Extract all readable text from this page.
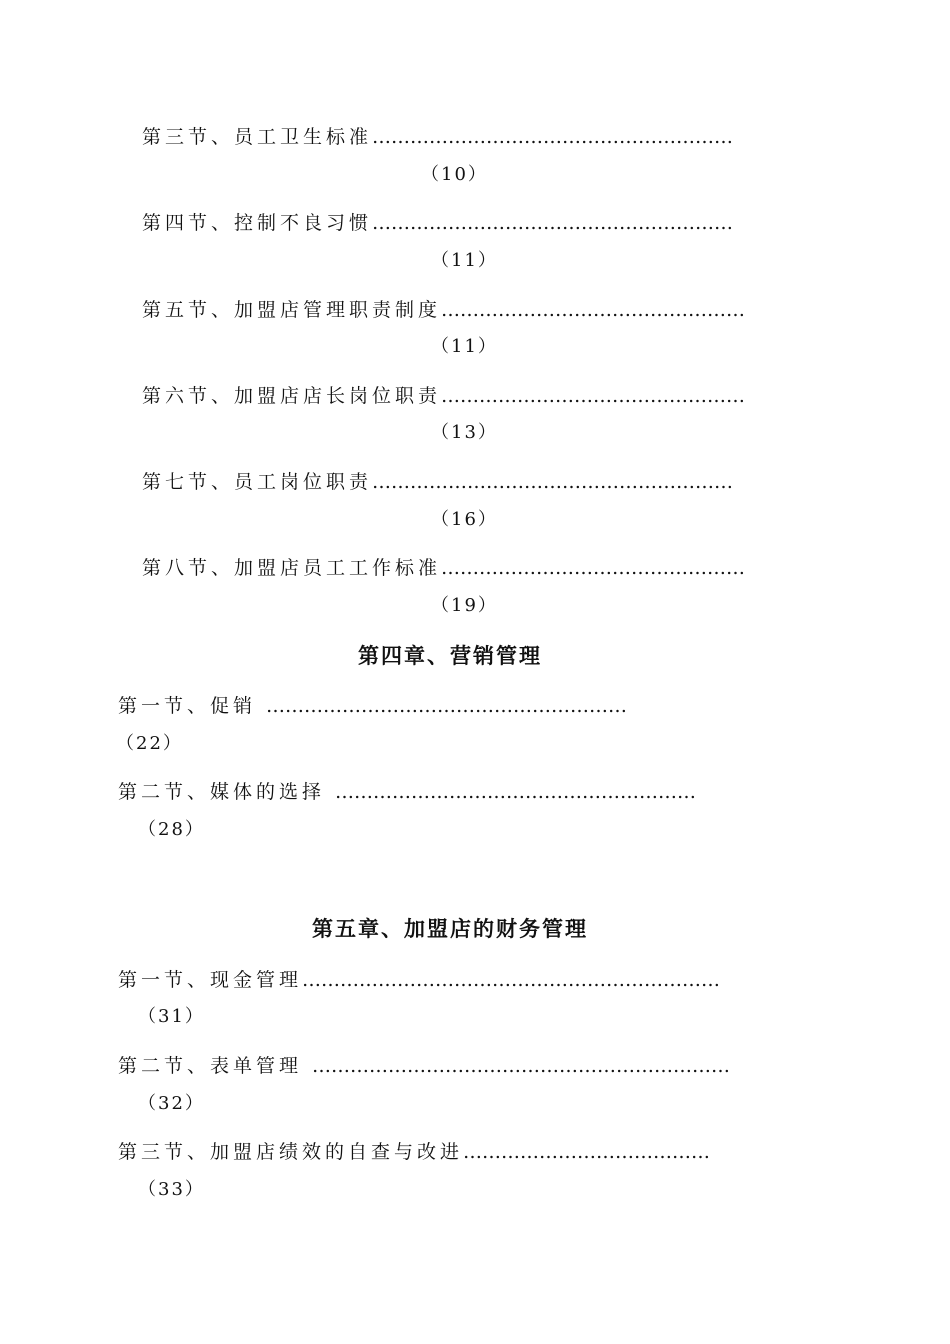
第三节、员工卫生标准…………………………………………………
（10）
第四节、控制不良习惯…………………………………………………
（11）
第五节、加盟店管理职责制度…………………………………………
（11）
第六节、加盟店店长岗位职责…………………………………………
（13）
第七节、员工岗位职责…………………………………………………
（16）
第八节、加盟店员工工作标准…………………………………………
（19）
第四章、营销管理
第一节、促销 …………………………………………………
（22）
第二节、媒体的选择 …………………………………………………
（28）
第五章、加盟店的财务管理
第一节、现金管理…………………………………………………………
（31）
第二节、表单管理 …………………………………………………………
（32）
第三节、加盟店绩效的自查与改进…………………………………
（33）
